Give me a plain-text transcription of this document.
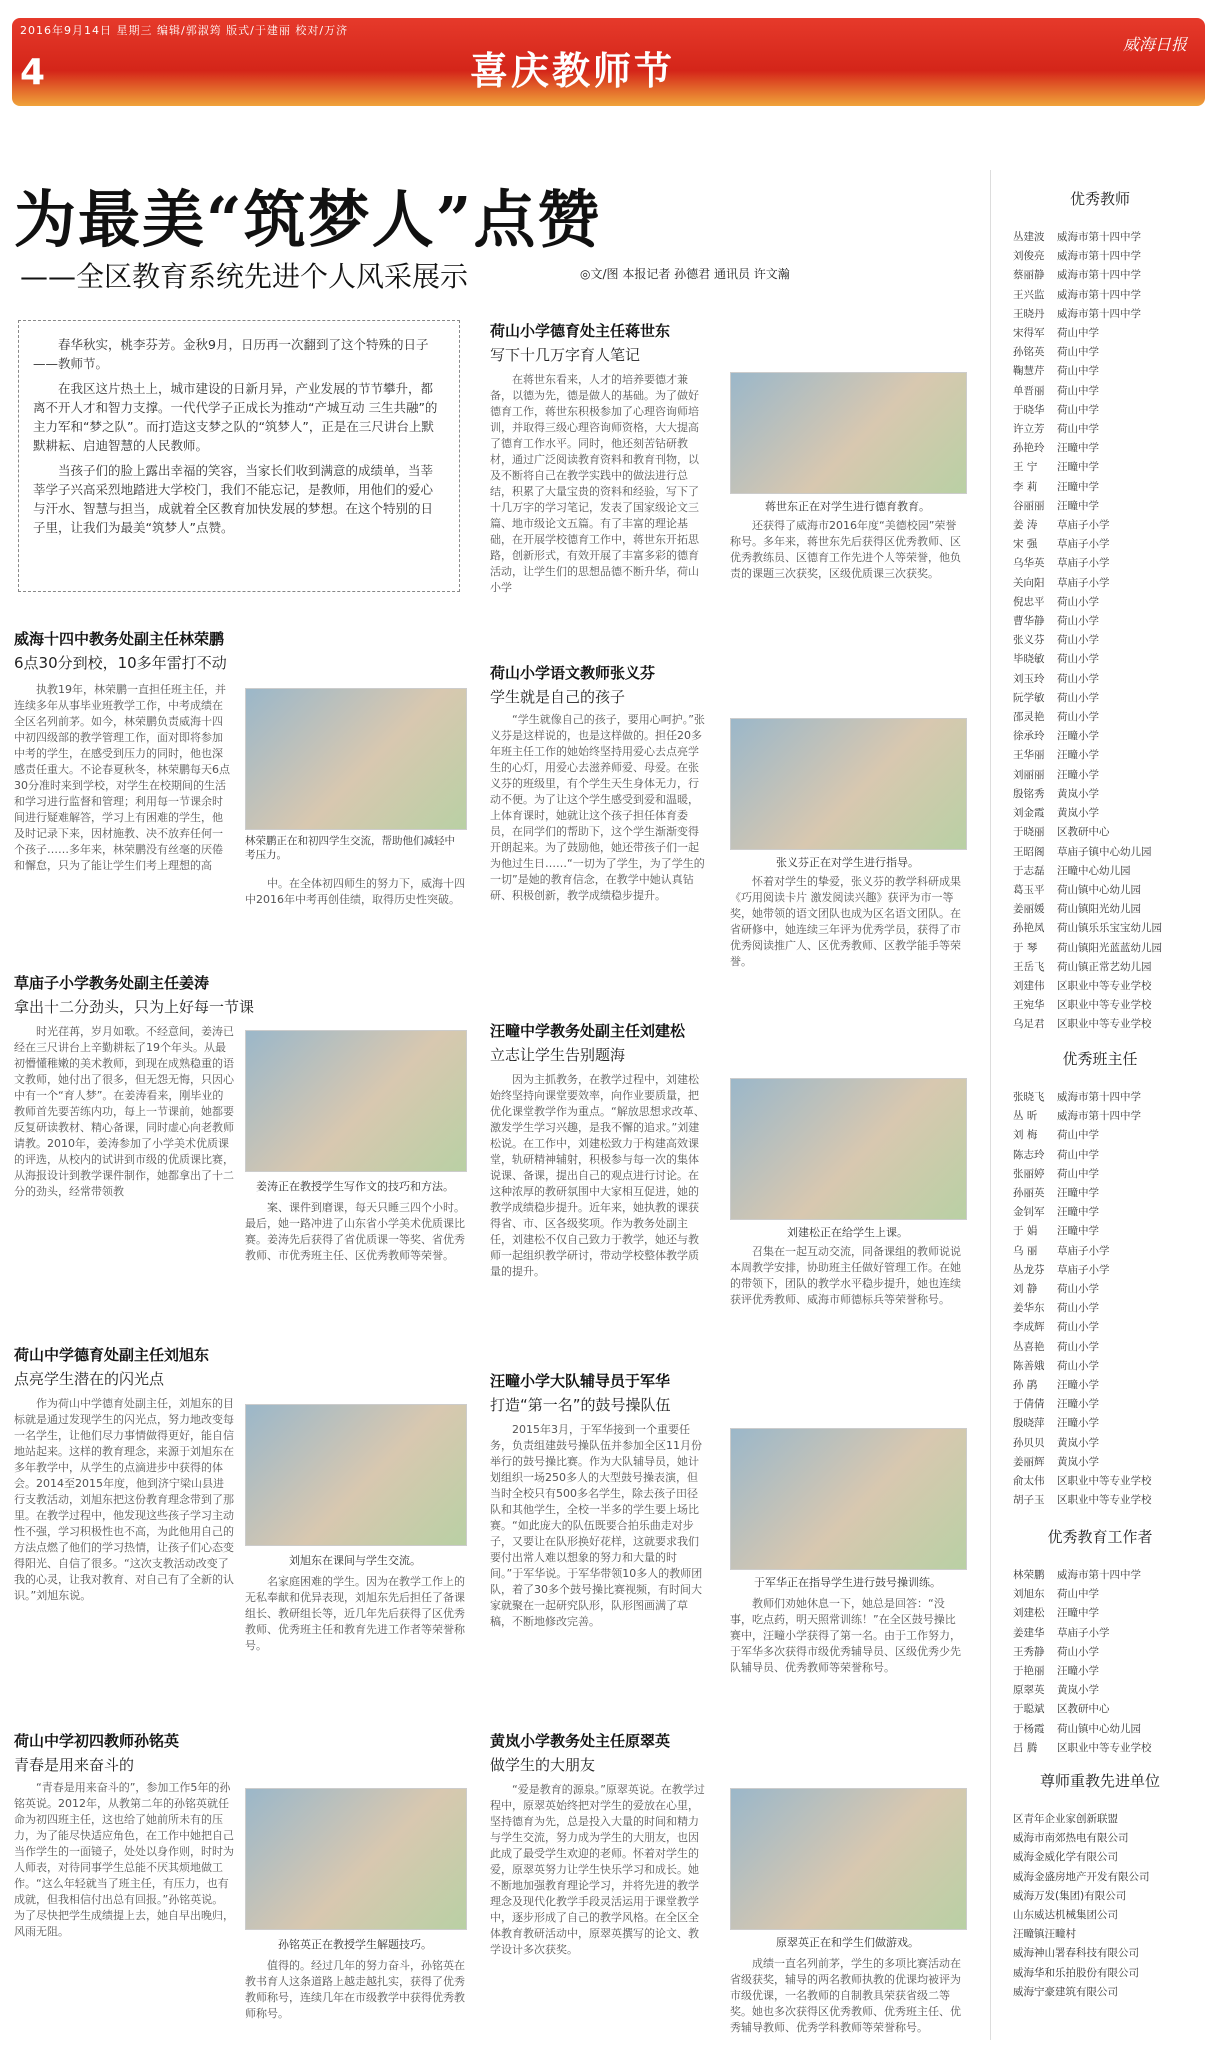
2016年9月14日 星期三 编辑/郭淑筠 版式/于建丽 校对/万济
4	喜庆教师节
威海日报
为最美“筑梦人”点赞
——全区教育系统先进个人风采展示	◎文/图 本报记者 孙德君 通讯员 许文瀚

春华秋实，桃李芬芳。金秋9月，日历再一次翻到了这个特殊的日子——教师节。

在我区这片热土上，城市建设的日新月异，产业发展的节节攀升，都离不开人才和智力支撑。一代代学子正成长为推动“产城互动 三生共融”的主力军和“梦之队”。而打造这支梦之队的“筑梦人”，正是在三尺讲台上默默耕耘、启迪智慧的人民教师。

当孩子们的脸上露出幸福的笑容，当家长们收到满意的成绩单，当莘莘学子兴高采烈地踏进大学校门，我们不能忘记，是教师，用他们的爱心与汗水、智慧与担当，成就着全区教育加快发展的梦想。在这个特别的日子里，让我们为最美“筑梦人”点赞。

荷山小学德育处主任蒋世东
写下十几万字育人笔记
在蒋世东看来，人才的培养要德才兼备，以德为先，德是做人的基础。为了做好德育工作，蒋世东积极参加了心理咨询师培训，并取得三级心理咨询师资格，大大提高了德育工作水平。同时，他还刻苦钻研教材，通过广泛阅读教育资料和教育刊物，以及不断将自己在教学实践中的做法进行总结，积累了大量宝贵的资料和经验，写下了十几万字的学习笔记，发表了国家级论文三篇、地市级论文五篇。有了丰富的理论基础，在开展学校德育工作中，蒋世东开拓思路，创新形式，有效开展了丰富多彩的德育活动，让学生们的思想品德不断升华，荷山小学
蒋世东正在对学生进行德育教育。
还获得了威海市2016年度“美德校园”荣誉称号。多年来，蒋世东先后获得区优秀教师、区优秀教练员、区德育工作先进个人等荣誉，他负责的课题三次获奖，区级优质课三次获奖。
威海十四中教务处副主任林荣鹏
6点30分到校，10多年雷打不动
执教19年，林荣鹏一直担任班主任，并连续多年从事毕业班教学工作，中考成绩在全区名列前茅。如今，林荣鹏负责威海十四中初四级部的教学管理工作，面对即将参加中考的学生，在感受到压力的同时，他也深感责任重大。不论春夏秋冬，林荣鹏每天6点30分准时来到学校，对学生在校期间的生活和学习进行监督和管理；利用每一节课余时间进行疑难解答，学习上有困难的学生，他及时记录下来，因材施教、决不放弃任何一个孩子……多年来，林荣鹏没有丝毫的厌倦和懈怠，只为了能让学生们考上理想的高
林荣鹏正在和初四学生交流，帮助他们减轻中考压力。
中。在全体初四师生的努力下，威海十四中2016年中考再创佳绩，取得历史性突破。
荷山小学语文教师张义芬
学生就是自己的孩子
“学生就像自己的孩子，要用心呵护。”张义芬是这样说的，也是这样做的。担任20多年班主任工作的她始终坚持用爱心去点亮学生的心灯，用爱心去滋养师爱、母爱。在张义芬的班级里，有个学生天生身体无力，行动不便。为了让这个学生感受到爱和温暖，上体育课时，她就让这个孩子担任体育委员，在同学们的帮助下，这个学生渐渐变得开朗起来。为了鼓励他，她还带孩子们一起为他过生日……“一切为了学生，为了学生的一切”是她的教育信念，在教学中她认真钻研、积极创新，教学成绩稳步提升。
张义芬正在对学生进行指导。
怀着对学生的挚爱，张义芬的教学科研成果《巧用阅读卡片 激发阅读兴趣》获评为市一等奖，她带领的语文团队也成为区名语文团队。在省研修中，她连续三年评为优秀学员，获得了市优秀阅读推广人、区优秀教师、区教学能手等荣誉。
草庙子小学教务处副主任姜涛
拿出十二分劲头，只为上好每一节课
时光荏苒，岁月如歌。不经意间，姜涛已经在三尺讲台上辛勤耕耘了19个年头。从最初懵懂稚嫩的美术教师，到现在成熟稳重的语文教师，她付出了很多，但无怨无悔，只因心中有一个“育人梦”。在姜涛看来，刚毕业的教师首先要苦练内功，每上一节课前，她都要反复研读教材、精心备课，同时虚心向老教师请教。2010年，姜涛参加了小学美术优质课的评选，从校内的试讲到市级的优质课比赛，从海报设计到教学课件制作，她都拿出了十二分的劲头，经常带领教	姜涛正在教授学生写作文的技巧和方法。
案、课件到磨课，每天只睡三四个小时。最后，她一路冲进了山东省小学美术优质课比赛。姜涛先后获得了省优质课一等奖、省优秀教师、市优秀班主任、区优秀教师等荣誉。
汪疃中学教务处副主任刘建松
立志让学生告别题海
因为主抓教务，在教学过程中，刘建松始终坚持向课堂要效率，向作业要质量，把优化课堂教学作为重点。“解放思想求改革、激发学生学习兴趣，是我不懈的追求。”刘建松说。在工作中，刘建松致力于构建高效课堂，轨研精神辅射，积极参与每一次的集体说课、备课，提出自己的观点进行讨论。在这种浓厚的教研氛围中大家相互促进，她的教学成绩稳步提升。近年来，她执教的课获得省、市、区各级奖项。作为教务处副主任，刘建松不仅自己致力于教学，她还与教师一起组织教学研讨，带动学校整体教学质量的提升。
刘建松正在给学生上课。
召集在一起互动交流，同备课组的教师说说本周教学安排，协助班主任做好管理工作。在她的带领下，团队的教学水平稳步提升，她也连续获评优秀教师、威海市师德标兵等荣誉称号。
荷山中学德育处副主任刘旭东
点亮学生潜在的闪光点
作为荷山中学德育处副主任，刘旭东的目标就是通过发现学生的闪光点，努力地改变每一名学生，让他们尽力事情做得更好，能自信地站起来。这样的教育理念，来源于刘旭东在多年教学中，从学生的点滴进步中获得的体会。2014至2015年度，他到济宁梁山县进行支教活动，刘旭东把这份教育理念带到了那里。在教学过程中，他发现这些孩子学习主动性不强，学习积极性也不高，为此他用自己的方法点燃了他们的学习热情，让孩子们心态变得阳光、自信了很多。“这次支教活动改变了我的心灵，让我对教育、对自己有了全新的认识。”刘旭东说。
刘旭东在课间与学生交流。
名家庭困难的学生。因为在教学工作上的无私奉献和优异表现，刘旭东先后担任了备课组长、教研组长等，近几年先后获得了区优秀教师、优秀班主任和教育先进工作者等荣誉称号。
汪疃小学大队辅导员于军华
打造“第一名”的鼓号操队伍
2015年3月，于军华接到一个重要任务，负责组建鼓号操队伍并参加全区11月份举行的鼓号操比赛。作为大队辅导员，她计划组织一场250多人的大型鼓号操表演，但当时全校只有500多名学生，除去孩子田径队和其他学生，全校一半多的学生要上场比赛。“如此庞大的队伍既要合拍乐曲走对步子，又要让在队形换好花样，这就要求我们要付出常人难以想象的努力和大量的时间。”于军华说。于军华带领10多人的教师团队，着了30多个鼓号操比赛视频，有时间大家就聚在一起研究队形，队形图画满了草稿，不断地修改完善。
于军华正在指导学生进行鼓号操训练。
教师们劝她休息一下，她总是回答：“没事，吃点药，明天照常训练！”在全区鼓号操比赛中，汪疃小学获得了第一名。由于工作努力，于军华多次获得市级优秀辅导员、区级优秀少先队辅导员、优秀教师等荣誉称号。
荷山中学初四教师孙铭英
青春是用来奋斗的
“青春是用来奋斗的”，参加工作5年的孙铭英说。2012年，从教第二年的孙铭英就任命为初四班主任，这也给了她前所未有的压力，为了能尽快适应角色，在工作中她把自己当作学生的一面镜子，处处以身作则，时时为人师表，对待同事学生总能不厌其烦地做工作。“这么年轻就当了班主任，有压力，也有成就，但我相信付出总有回报。”孙铭英说。为了尽快把学生成绩提上去，她自早出晚归，风雨无阻。
孙铭英正在教授学生解题技巧。
值得的。经过几年的努力奋斗，孙铭英在教书育人这条道路上越走越扎实，获得了优秀教师称号，连续几年在市级教学中获得优秀教师称号。
黄岚小学教务处主任原翠英
做学生的大朋友
“爱是教育的源泉。”原翠英说。在教学过程中，原翠英始终把对学生的爱放在心里，坚持德育为先，总是投入大量的时间和精力与学生交流，努力成为学生的大朋友，也因此成了最受学生欢迎的老师。怀着对学生的爱，原翠英努力让学生快乐学习和成长。她不断地加强教育理论学习，并将先进的教学理念及现代化教学手段灵活运用于课堂教学中，逐步形成了自己的教学风格。在全区全体教育教研活动中，原翠英撰写的论文、教学设计多次获奖。
原翠英正在和学生们做游戏。
成绩一直名列前茅，学生的多项比赛活动在省级获奖，辅导的两名教师执教的优课均被评为市级优课，一名教师的自制教具荣获省级二等奖。她也多次获得区优秀教师、优秀班主任、优秀辅导教师、优秀学科教师等荣誉称号。
优秀教师
丛建波 威海市第十四中学
刘俊亮 威海市第十四中学
蔡丽静 威海市第十四中学
王兴监 威海市第十四中学
王晓丹 威海市第十四中学
宋得军 荷山中学
孙铭英 荷山中学
鞠慧芹 荷山中学
单晋丽 荷山中学
于晓华 荷山中学
许立芳 荷山中学
孙艳玲 汪疃中学
王 宁 汪疃中学
李 莉 汪疃中学
谷丽丽 汪疃中学
姜 涛 草庙子小学
宋 强 草庙子小学
乌华英 草庙子小学
关向阳 草庙子小学
倪忠平 荷山小学
曹华静 荷山小学
张义芬 荷山小学
毕晓敏 荷山小学
刘玉玲 荷山小学
阮学敏 荷山小学
邵灵艳 荷山小学
徐承玲 汪疃小学
王华丽 汪疃小学
刘丽丽 汪疃小学
殷铭秀 黄岚小学
刘金霞 黄岚小学
于晓丽 区教研中心
王昭阁 草庙子镇中心幼儿园
于志磊 汪疃中心幼儿园
葛玉平 荷山镇中心幼儿园
姜丽媛 荷山镇阳光幼儿园
孙艳凤 荷山镇乐乐宝宝幼儿园
于 琴 荷山镇阳光蓝蓝幼儿园
王岳飞 荷山镇正常艺幼儿园
刘建伟 区职业中等专业学校
王宛华 区职业中等专业学校
乌足君 区职业中等专业学校
优秀班主任
张晓飞 威海市第十四中学
丛 昕 威海市第十四中学
刘 梅 荷山中学
陈志玲 荷山中学
张丽婷 荷山中学
孙丽英 汪疃中学
金钊军 汪疃中学
于 娟 汪疃中学
乌 丽 草庙子小学
丛龙芬 草庙子小学
刘 静 荷山小学
姜华东 荷山小学
李成辉 荷山小学
丛喜艳 荷山小学
陈善娥 荷山小学
孙 鹃 汪疃小学
于倩倩 汪疃小学
殷晓萍 汪疃小学
孙贝贝 黄岚小学
姜丽辉 黄岚小学
俞太伟 区职业中等专业学校
胡子玉 区职业中等专业学校
优秀教育工作者
林荣鹏 威海市第十四中学
刘旭东 荷山中学
刘建松 汪疃中学
姜建华 草庙子小学
王秀静 荷山小学
于艳丽 汪疃小学
原翠英 黄岚小学
于聪斌 区教研中心
于杨霞 荷山镇中心幼儿园
吕 腾 区职业中等专业学校
尊师重教先进单位
区青年企业家创新联盟
威海市南郊热电有限公司
威海金威化学有限公司
威海金盛房地产开发有限公司
威海万发(集团)有限公司
山东威达机械集团公司
汪疃镇汪疃村
威海神山署春科技有限公司
威海华和乐拍股份有限公司
威海宁豪建筑有限公司
